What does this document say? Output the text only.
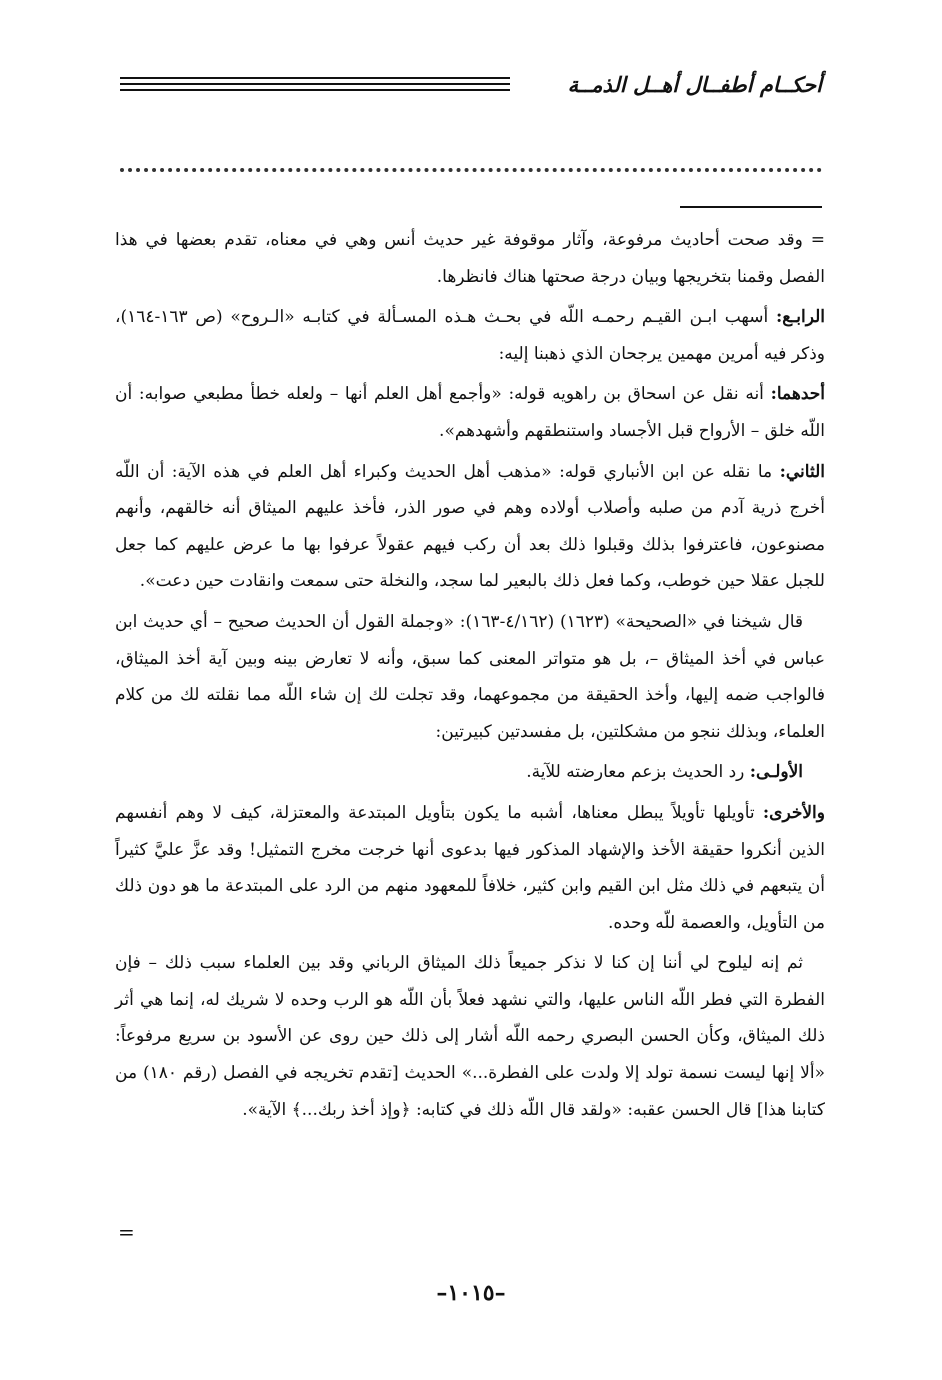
أحكــام أطفــال أهــل الذمــة

= وقد صحت أحاديث مرفوعة، وآثار موقوفة غير حديث أنس وهي في معناه، تقدم بعضها في هذا الفصل وقمنا بتخريجها وبيان درجة صحتها هناك فانظرها.

الرابـع: أسهب ابـن القيـم رحمـه اللّه في بحـث هـذه المسـألة في كتابـه «الـروح» (ص ١٦٣-١٦٤)، وذكر فيه أمرين مهمين يرجحان الذي ذهبنا إليه:

أحدهما: أنه نقل عن اسحاق بن راهويه قوله: «وأجمع أهل العلم أنها – ولعله خطأ مطبعي صوابه: أن اللّه خلق – الأرواح قبل الأجساد واستنطقهم وأشهدهم».

الثاني: ما نقله عن ابن الأنباري قوله: «مذهب أهل الحديث وكبراء أهل العلم في هذه الآية: أن اللّه أخرج ذرية آدم من صلبه وأصلاب أولاده وهم في صور الذر، فأخذ عليهم الميثاق أنه خالقهم، وأنهم مصنوعون، فاعترفوا بذلك وقبلوا ذلك بعد أن ركب فيهم عقولاً عرفوا بها ما عرض عليهم كما جعل للجبل عقلا حين خوطب، وكما فعل ذلك بالبعير لما سجد، والنخلة حتى سمعت وانقادت حين دعت».

قال شيخنا في «الصحيحة» (١٦٢٣) (٤/١٦٢-١٦٣): «وجملة القول أن الحديث صحيح – أي حديث ابن عباس في أخذ الميثاق –، بل هو متواتر المعنى كما سبق، وأنه لا تعارض بينه وبين آية أخذ الميثاق، فالواجب ضمه إليها، وأخذ الحقيقة من مجموعهما، وقد تجلت لك إن شاء اللّه مما نقلته لك من كلام العلماء، وبذلك ننجو من مشكلتين، بل مفسدتين كبيرتين:

الأولـى: رد الحديث بزعم معارضته للآية.

والأخرى: تأويلها تأويلاً يبطل معناها، أشبه ما يكون بتأويل المبتدعة والمعتزلة، كيف لا وهم أنفسهم الذين أنكروا حقيقة الأخذ والإشهاد المذكور فيها بدعوى أنها خرجت مخرج التمثيل! وقد عزَّ عليَّ كثيراً أن يتبعهم في ذلك مثل ابن القيم وابن كثير، خلافاً للمعهود منهم من الرد على المبتدعة ما هو دون ذلك من التأويل، والعصمة للّه وحده.

ثم إنه ليلوح لي أننا إن كنا لا نذكر جميعاً ذلك الميثاق الرباني وقد بين العلماء سبب ذلك – فإن الفطرة التي فطر اللّه الناس عليها، والتي نشهد فعلاً بأن اللّه هو الرب وحده لا شريك له، إنما هي أثر ذلك الميثاق، وكأن الحسن البصري رحمه اللّه أشار إلى ذلك حين روى عن الأسود بن سريع مرفوعاً: «ألا إنها ليست نسمة تولد إلا ولدت على الفطرة...» الحديث [تقدم تخريجه في الفصل (رقم ١٨٠) من كتابنا هذا] قال الحسن عقبه: «ولقد قال اللّه ذلك في كتابه: ﴿وإذ أخذ ربك...﴾ الآية».

=
–١٠١٥–
